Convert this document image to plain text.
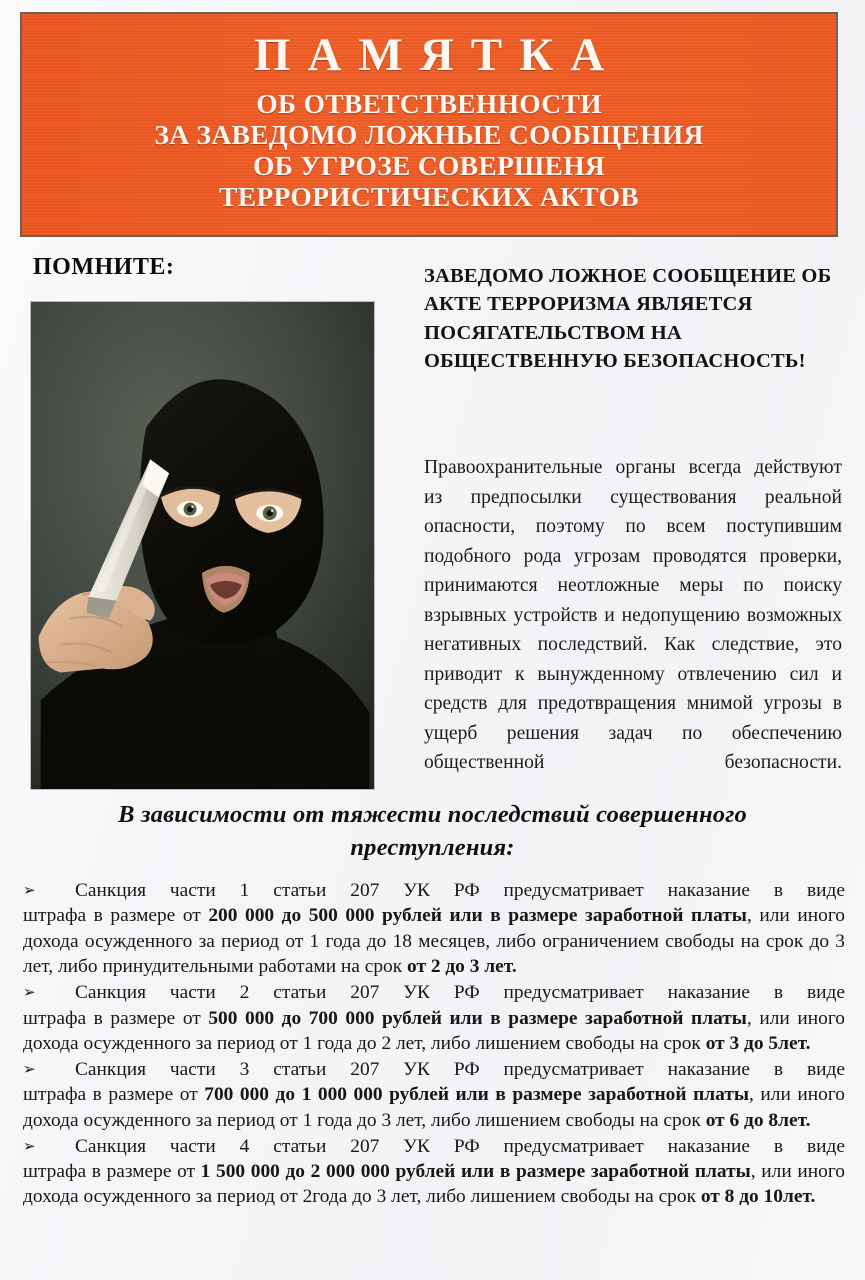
ПАМЯТКА
ОБ ОТВЕТСТВЕННОСТИ
ЗА ЗАВЕДОМО ЛОЖНЫЕ СООБЩЕНИЯ
ОБ УГРОЗЕ СОВЕРШЕНЯ
ТЕРРОРИСТИЧЕСКИХ АКТОВ
ПОМНИТЕ:	ЗАВЕДОМО ЛОЖНОЕ СООБЩЕНИЕ ОБ АКТЕ ТЕРРОРИЗМА ЯВЛЯЕТСЯ ПОСЯГАТЕЛЬСТВОМ НА ОБЩЕСТВЕННУЮ БЕЗОПАСНОСТЬ!
Правоохранительные органы всегда действуют из предпосылки существования реальной опасности, поэтому по всем поступившим подобного рода угрозам проводятся проверки, принимаются неотложные меры по поиску взрывных устройств и недопущению возможных негативных последствий. Как следствие, это приводит к вынужденному отвлечению сил и средств для предотвращения мнимой угрозы в ущерб решения задач по обеспечению общественной безопасности.
В зависимости от тяжести последствий совершенного преступления:

➢ Санкция части 1 статьи 207 УК РФ предусматривает наказание в виде
штрафа в размере от 200 000 до 500 000 рублей или в размере заработной платы, или иного дохода осужденного за период от 1 года до 18 месяцев, либо ограничением свободы на срок до 3 лет, либо принудительными работами на срок от 2 до 3 лет.

➢ Санкция части 2 статьи 207 УК РФ предусматривает наказание в виде
штрафа в размере от 500 000 до 700 000 рублей или в размере заработной платы, или иного дохода осужденного за период от 1 года до 2 лет, либо лишением свободы на срок от 3 до 5лет.

➢ Санкция части 3 статьи 207 УК РФ предусматривает наказание в виде
штрафа в размере от 700 000 до 1 000 000 рублей или в размере заработной платы, или иного дохода осужденного за период от 1 года до 3 лет, либо лишением свободы на срок от 6 до 8лет.

➢ Санкция части 4 статьи 207 УК РФ предусматривает наказание в виде
штрафа в размере от 1 500 000 до 2 000 000 рублей или в размере заработной платы, или иного дохода осужденного за период от 2года до 3 лет, либо лишением свободы на срок от 8 до 10лет.
